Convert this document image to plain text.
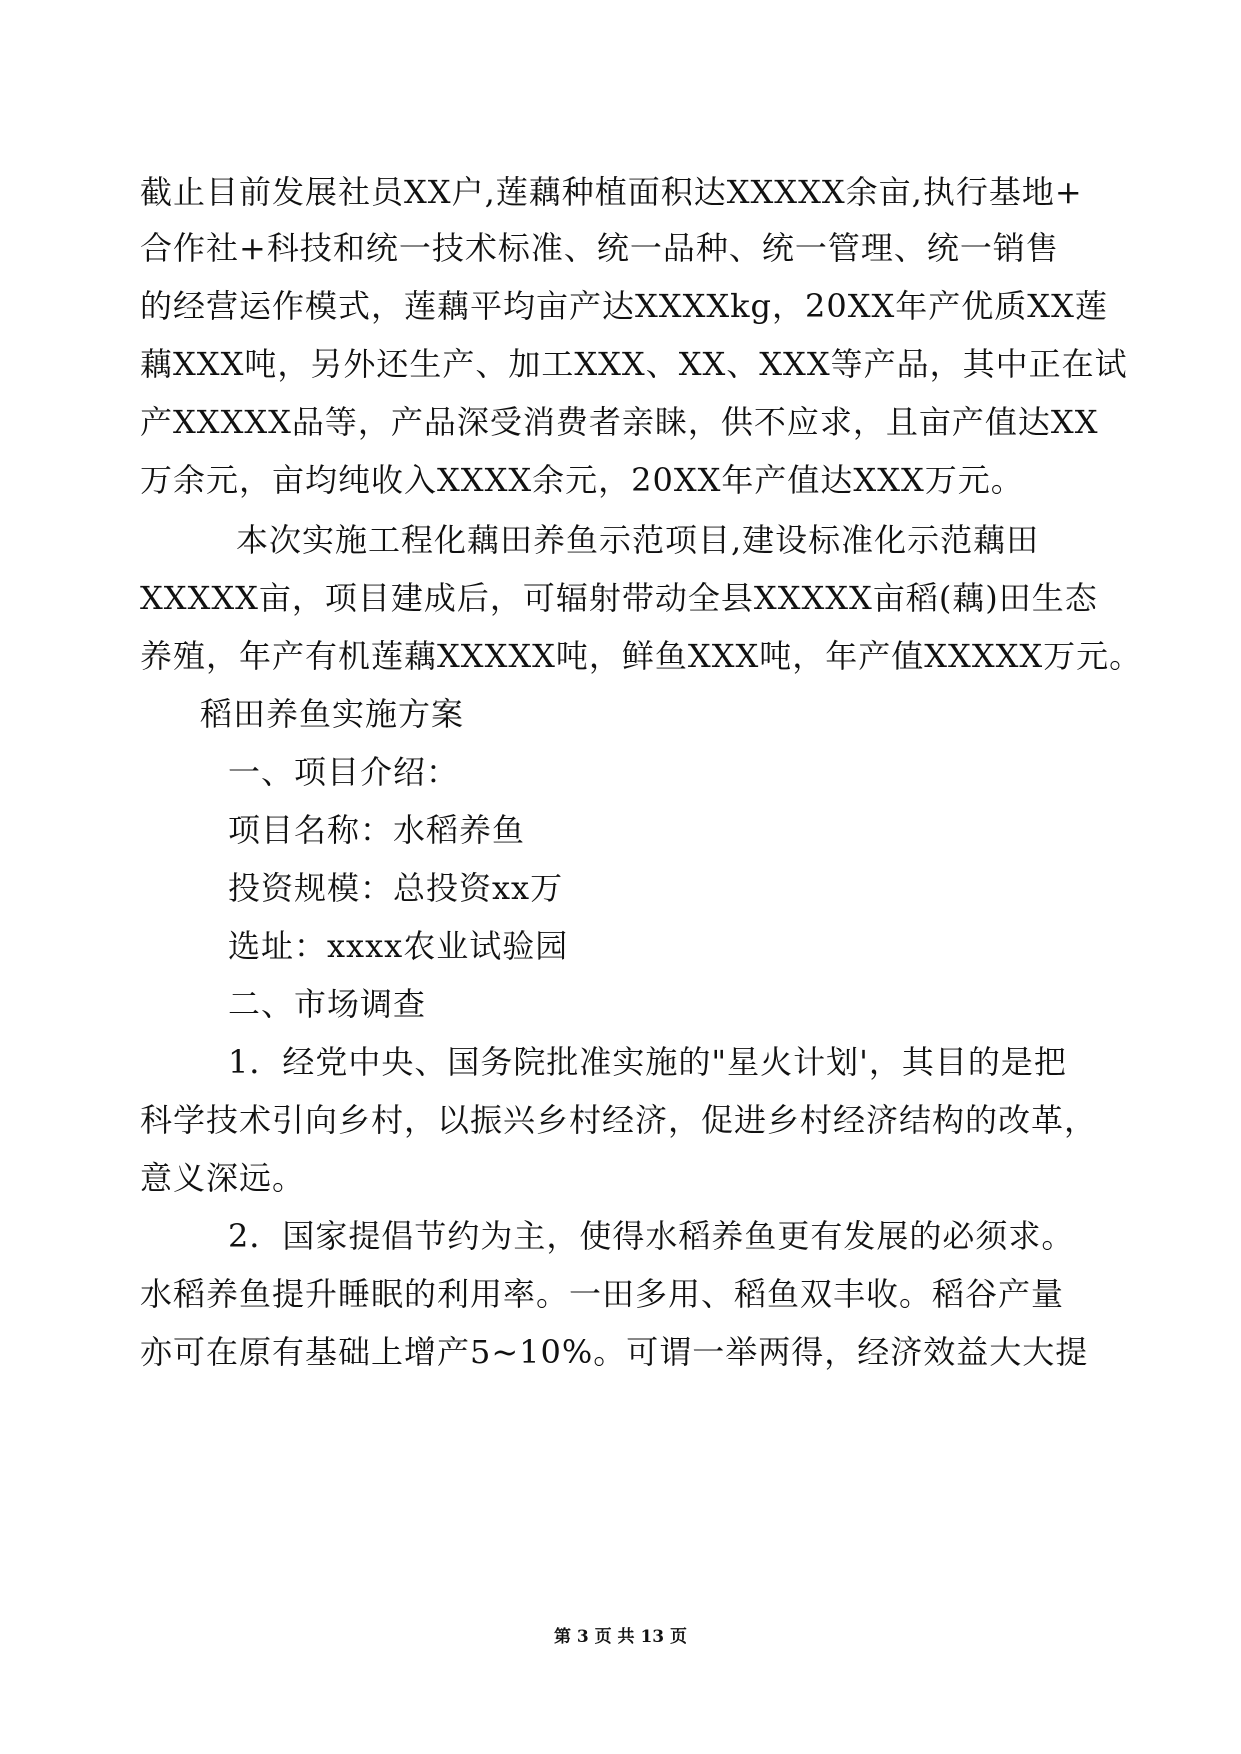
截止目前发展社员XX户,莲藕种植面积达XXXXX余亩,执行基地+
合作社+科技和统一技术标准、统一品种、统一管理、统一销售
的经营运作模式，莲藕平均亩产达XXXXkg，20XX年产优质XX莲
藕XXX吨，另外还生产、加工XXX、XX、XXX等产品，其中正在试
产XXXXX品等，产品深受消费者亲睐，供不应求，且亩产值达XX
万余元，亩均纯收入XXXX余元，20XX年产值达XXX万元。
本次实施工程化藕田养鱼示范项目,建设标准化示范藕田
XXXXX亩，项目建成后，可辐射带动全县XXXXX亩稻(藕)田生态
养殖，年产有机莲藕XXXXX吨，鲜鱼XXX吨，年产值XXXXX万元。
稻田养鱼实施方案
一、项目介绍：
项目名称：水稻养鱼
投资规模：总投资xx万
选址：xxxx农业试验园
二、市场调查
1．经党中央、国务院批准实施的"星火计划'，其目的是把
科学技术引向乡村，以振兴乡村经济，促进乡村经济结构的改革，
意义深远。
2．国家提倡节约为主，使得水稻养鱼更有发展的必须求。
水稻养鱼提升睡眠的利用率。一田多用、稻鱼双丰收。稻谷产量
亦可在原有基础上增产5~10%。可谓一举两得，经济效益大大提
第 3 页 共 13 页
